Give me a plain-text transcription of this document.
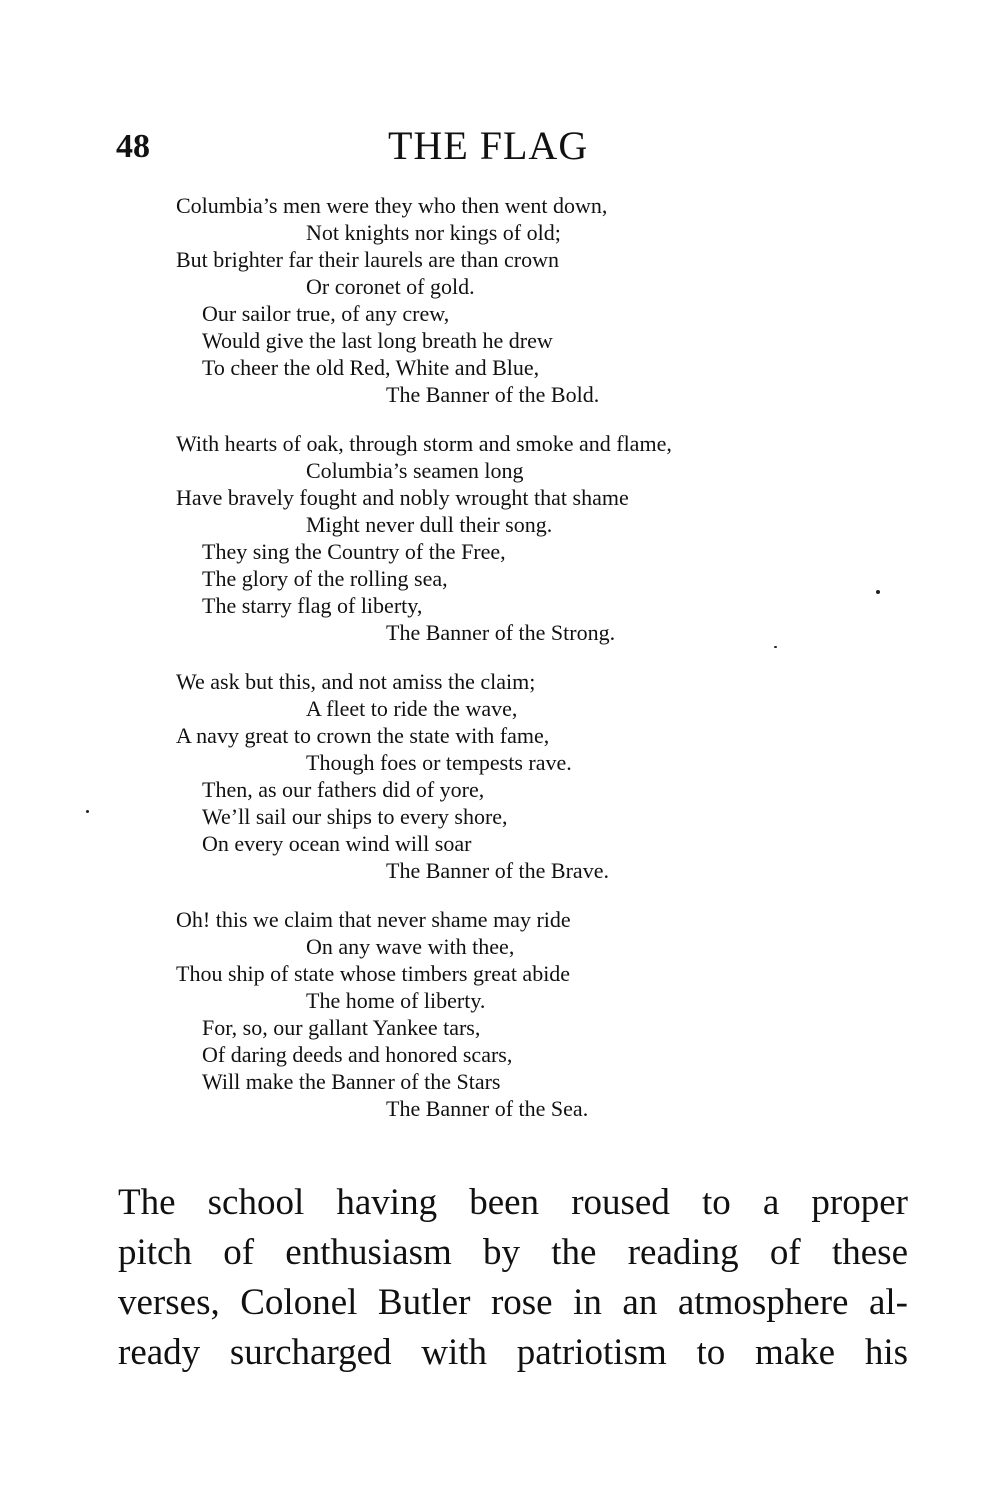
48	THE FLAG
Columbia’s men were they who then went down,
Not knights nor kings of old;
But brighter far their laurels are than crown
Or coronet of gold.
Our sailor true, of any crew,
Would give the last long breath he drew
To cheer the old Red, White and Blue,
The Banner of the Bold.
With hearts of oak, through storm and smoke and flame,
Columbia’s seamen long
Have bravely fought and nobly wrought that shame
Might never dull their song.
They sing the Country of the Free,
The glory of the rolling sea,
The starry flag of liberty,
The Banner of the Strong.
We ask but this, and not amiss the claim;
A fleet to ride the wave,
A navy great to crown the state with fame,
Though foes or tempests rave.
Then, as our fathers did of yore,
We’ll sail our ships to every shore,
On every ocean wind will soar
The Banner of the Brave.
Oh! this we claim that never shame may ride
On any wave with thee,
Thou ship of state whose timbers great abide
The home of liberty.
For, so, our gallant Yankee tars,
Of daring deeds and honored scars,
Will make the Banner of the Stars
The Banner of the Sea.
The school having been roused to a proper
pitch of enthusiasm by the reading of these
verses, Colonel Butler rose in an atmosphere al-
ready surcharged with patriotism to make his
